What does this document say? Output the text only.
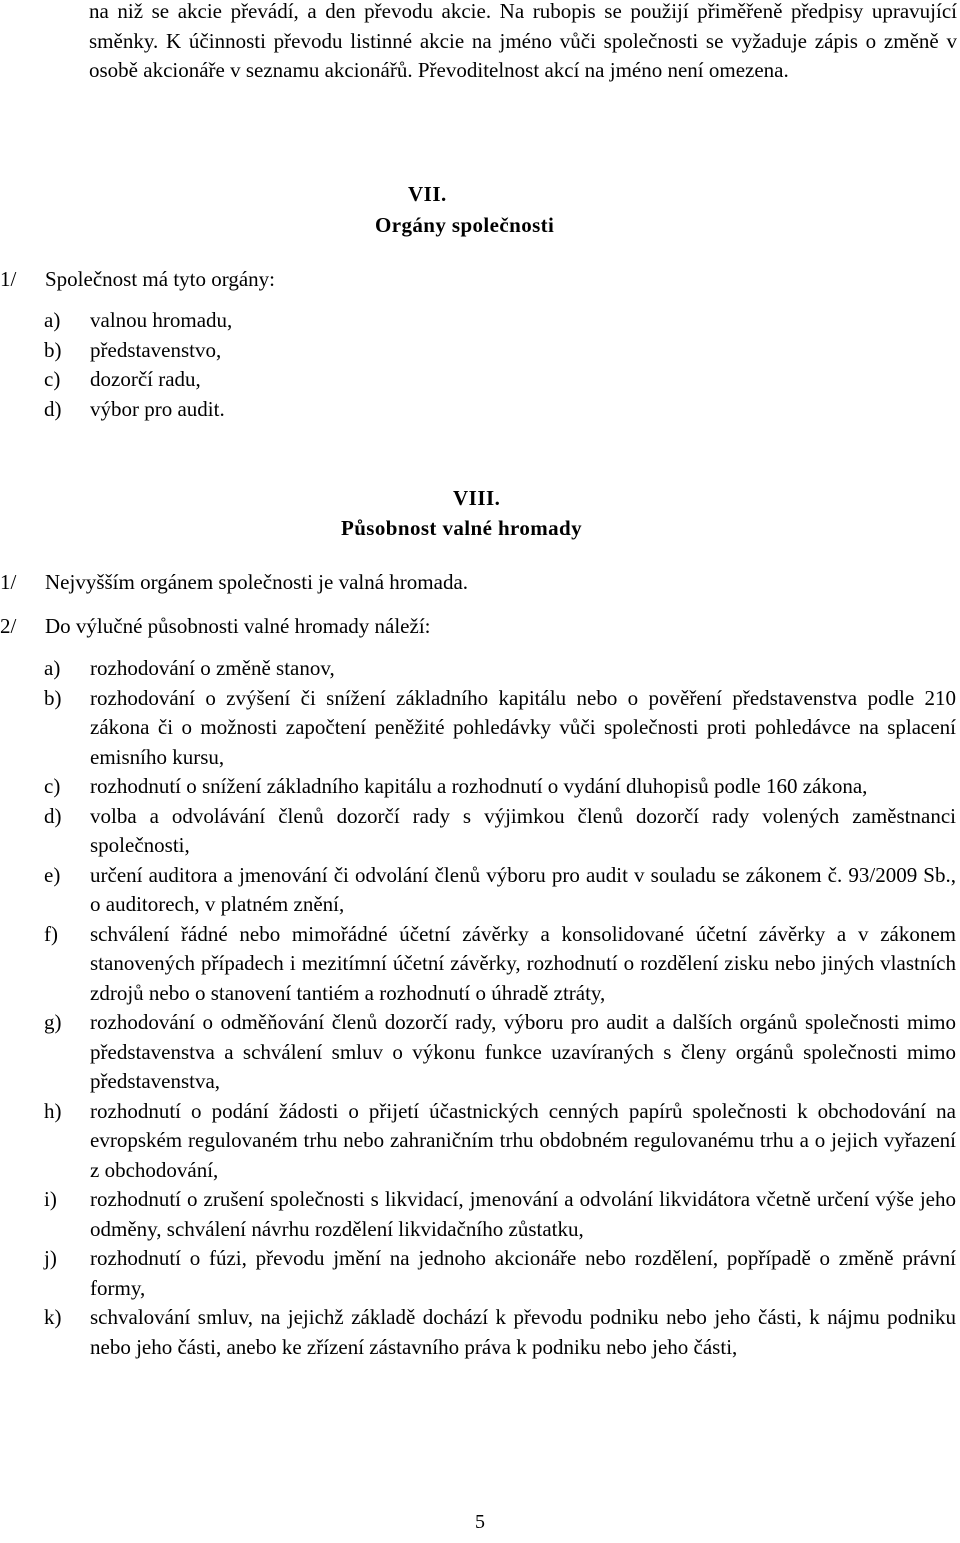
na niž se akcie převádí, a den převodu akcie. Na rubopis se použijí přiměřeně předpisy upravující směnky. K účinnosti převodu listinné akcie na jméno vůči společnosti se vyžaduje zápis o změně v osobě akcionáře v seznamu akcionářů. Převoditelnost akcí na jméno není omezena.

VII.
Orgány společnosti

1/ Společnost má tyto orgány:

a) valnou hromadu,
b) představenstvo,
c) dozorčí radu,
d) výbor pro audit.
VIII.
Působnost valné hromady

1/ Nejvyšším orgánem společnosti je valná hromada.

2/ Do výlučné působnosti valné hromady náleží:

a) rozhodování o změně stanov,
b) rozhodování o zvýšení či snížení základního kapitálu nebo o pověření představenstva podle 210 zákona či o možnosti započtení peněžité pohledávky vůči společnosti proti pohledávce na splacení emisního kursu,
c) rozhodnutí o snížení základního kapitálu a rozhodnutí o vydání dluhopisů podle 160 zákona,
d) volba a odvolávání členů dozorčí rady s výjimkou členů dozorčí rady volených zaměstnanci společnosti,
e) určení auditora a jmenování či odvolání členů výboru pro audit v souladu se zákonem č. 93/2009 Sb., o auditorech, v platném znění,
f) schválení řádné nebo mimořádné účetní závěrky a konsolidované účetní závěrky a v zákonem stanovených případech i mezitímní účetní závěrky, rozhodnutí o rozdělení zisku nebo jiných vlastních zdrojů nebo o stanovení tantiém a rozhodnutí o úhradě ztráty,
g) rozhodování o odměňování členů dozorčí rady, výboru pro audit a dalších orgánů společnosti mimo představenstva a schválení smluv o výkonu funkce uzavíraných s členy orgánů společnosti mimo představenstva,
h) rozhodnutí o podání žádosti o přijetí účastnických cenných papírů společnosti k obchodování na evropském regulovaném trhu nebo zahraničním trhu obdobném regulovanému trhu a o jejich vyřazení z obchodování,
i) rozhodnutí o zrušení společnosti s likvidací, jmenování a odvolání likvidátora včetně určení výše jeho odměny, schválení návrhu rozdělení likvidačního zůstatku,
j) rozhodnutí o fúzi, převodu jmění na jednoho akcionáře nebo rozdělení, popřípadě o změně právní formy,
k) schvalování smluv, na jejichž základě dochází k převodu podniku nebo jeho části, k nájmu podniku nebo jeho části, anebo ke zřízení zástavního práva k podniku nebo jeho části,
5
